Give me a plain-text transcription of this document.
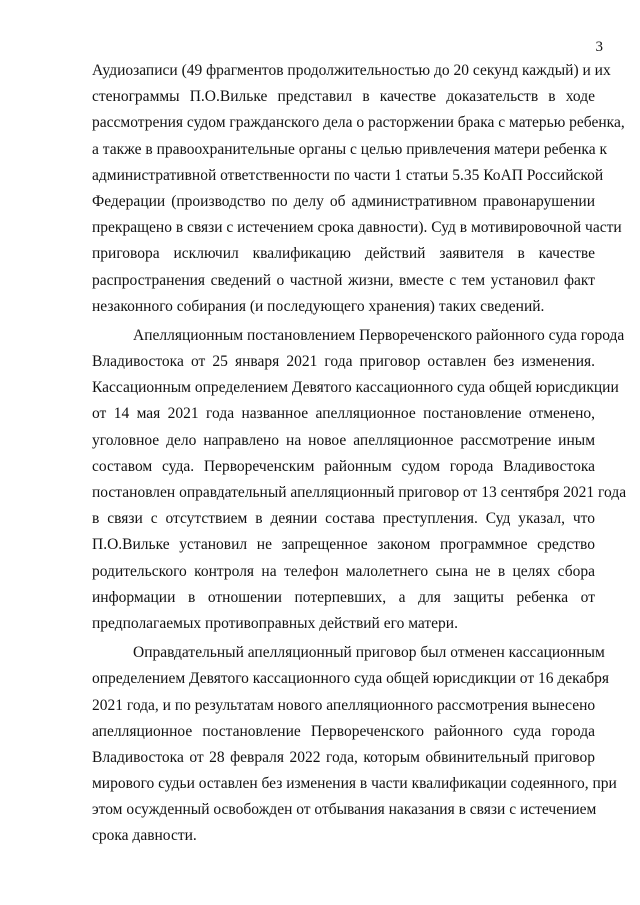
3
Аудиозаписи (49 фрагментов продолжительностью до 20 секунд каждый) и их
стенограммы П.О.Вильке представил в качестве доказательств в ходе
рассмотрения судом гражданского дела о расторжении брака с матерью ребенка,
а также в правоохранительные органы с целью привлечения матери ребенка к
административной ответственности по части 1 статьи 5.35 КоАП Российской
Федерации (производство по делу об административном правонарушении
прекращено в связи с истечением срока давности). Суд в мотивировочной части
приговора исключил квалификацию действий заявителя в качестве
распространения сведений о частной жизни, вместе с тем установил факт
незаконного собирания (и последующего хранения) таких сведений.
Апелляционным постановлением Первореченского районного суда города
Владивостока от 25 января 2021 года приговор оставлен без изменения.
Кассационным определением Девятого кассационного суда общей юрисдикции
от 14 мая 2021 года названное апелляционное постановление отменено,
уголовное дело направлено на новое апелляционное рассмотрение иным
составом суда. Первореченским районным судом города Владивостока
постановлен оправдательный апелляционный приговор от 13 сентября 2021 года
в связи с отсутствием в деянии состава преступления. Суд указал, что
П.О.Вильке установил не запрещенное законом программное средство
родительского контроля на телефон малолетнего сына не в целях сбора
информации в отношении потерпевших, а для защиты ребенка от
предполагаемых противоправных действий его матери.
Оправдательный апелляционный приговор был отменен кассационным
определением Девятого кассационного суда общей юрисдикции от 16 декабря
2021 года, и по результатам нового апелляционного рассмотрения вынесено
апелляционное постановление Первореченского районного суда города
Владивостока от 28 февраля 2022 года, которым обвинительный приговор
мирового судьи оставлен без изменения в части квалификации содеянного, при
этом осужденный освобожден от отбывания наказания в связи с истечением
срока давности.
